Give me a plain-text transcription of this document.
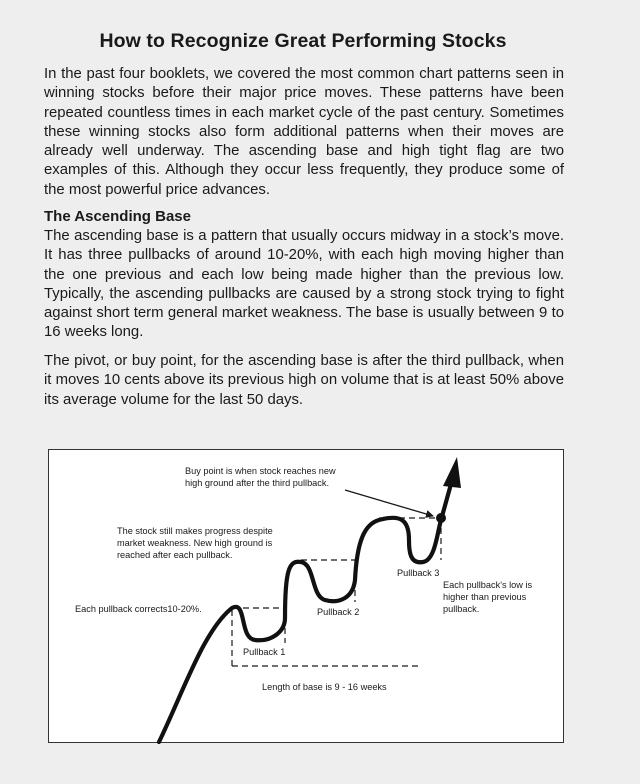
How to Recognize Great Performing Stocks

In the past four booklets, we covered the most common chart patterns seen in winning stocks before their major price moves. These patterns have been repeated countless times in each market cycle of the past century. Sometimes these winning stocks also form additional patterns when their moves are already well underway. The ascending base and high tight flag are two examples of this. Although they occur less frequently, they produce some of the most powerful price advances.

The Ascending Base

The ascending base is a pattern that usually occurs midway in a stock’s move. It has three pullbacks of around 10-20%, with each high moving higher than the one previous and each low being made higher than the previous low. Typically, the ascending pullbacks are caused by a strong stock trying to fight against short term general market weakness. The base is usually between 9 to 16 weeks long.

The pivot, or buy point, for the ascending base is after the third pullback, when it moves 10 cents above its previous high on volume that is at least 50% above its average volume for the last 50 days.

Buy point is when stock reaches new
high ground after the third pullback.
The stock still makes progress despite
market weakness. New high ground is
reached after each pullback.
Each pullback corrects10-20%.
Each pullback's low is
higher than previous
pullback.
Pullback 1
Pullback 2
Pullback 3
Length of base is 9 - 16 weeks
